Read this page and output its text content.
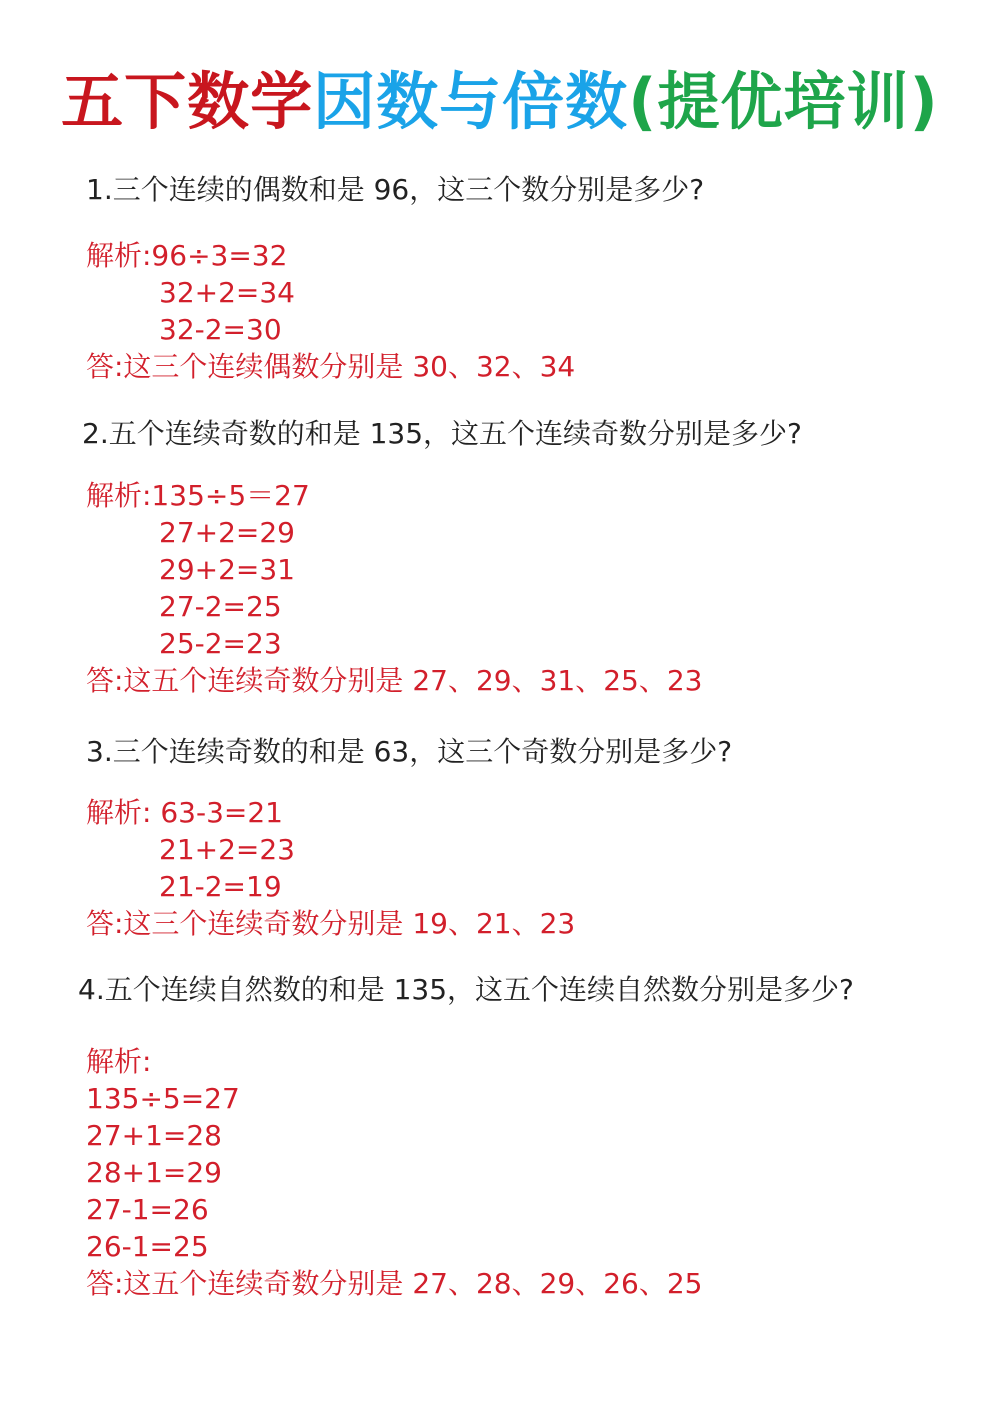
五下数学因数与倍数(提优培训)
1.三个连续的偶数和是 96，这三个数分别是多少?
解析:96÷3=32
32+2=34
32-2=30
答:这三个连续偶数分别是 30、32、34
2.五个连续奇数的和是 135，这五个连续奇数分别是多少?
解析:135÷5＝27
27+2=29
29+2=31
27-2=25
25-2=23
答:这五个连续奇数分别是 27、29、31、25、23
3.三个连续奇数的和是 63，这三个奇数分别是多少?
解析: 63-3=21
21+2=23
21-2=19
答:这三个连续奇数分别是 19、21、23
4.五个连续自然数的和是 135，这五个连续自然数分别是多少?
解析:
135÷5=27
27+1=28
28+1=29
27-1=26
26-1=25
答:这五个连续奇数分别是 27、28、29、26、25
